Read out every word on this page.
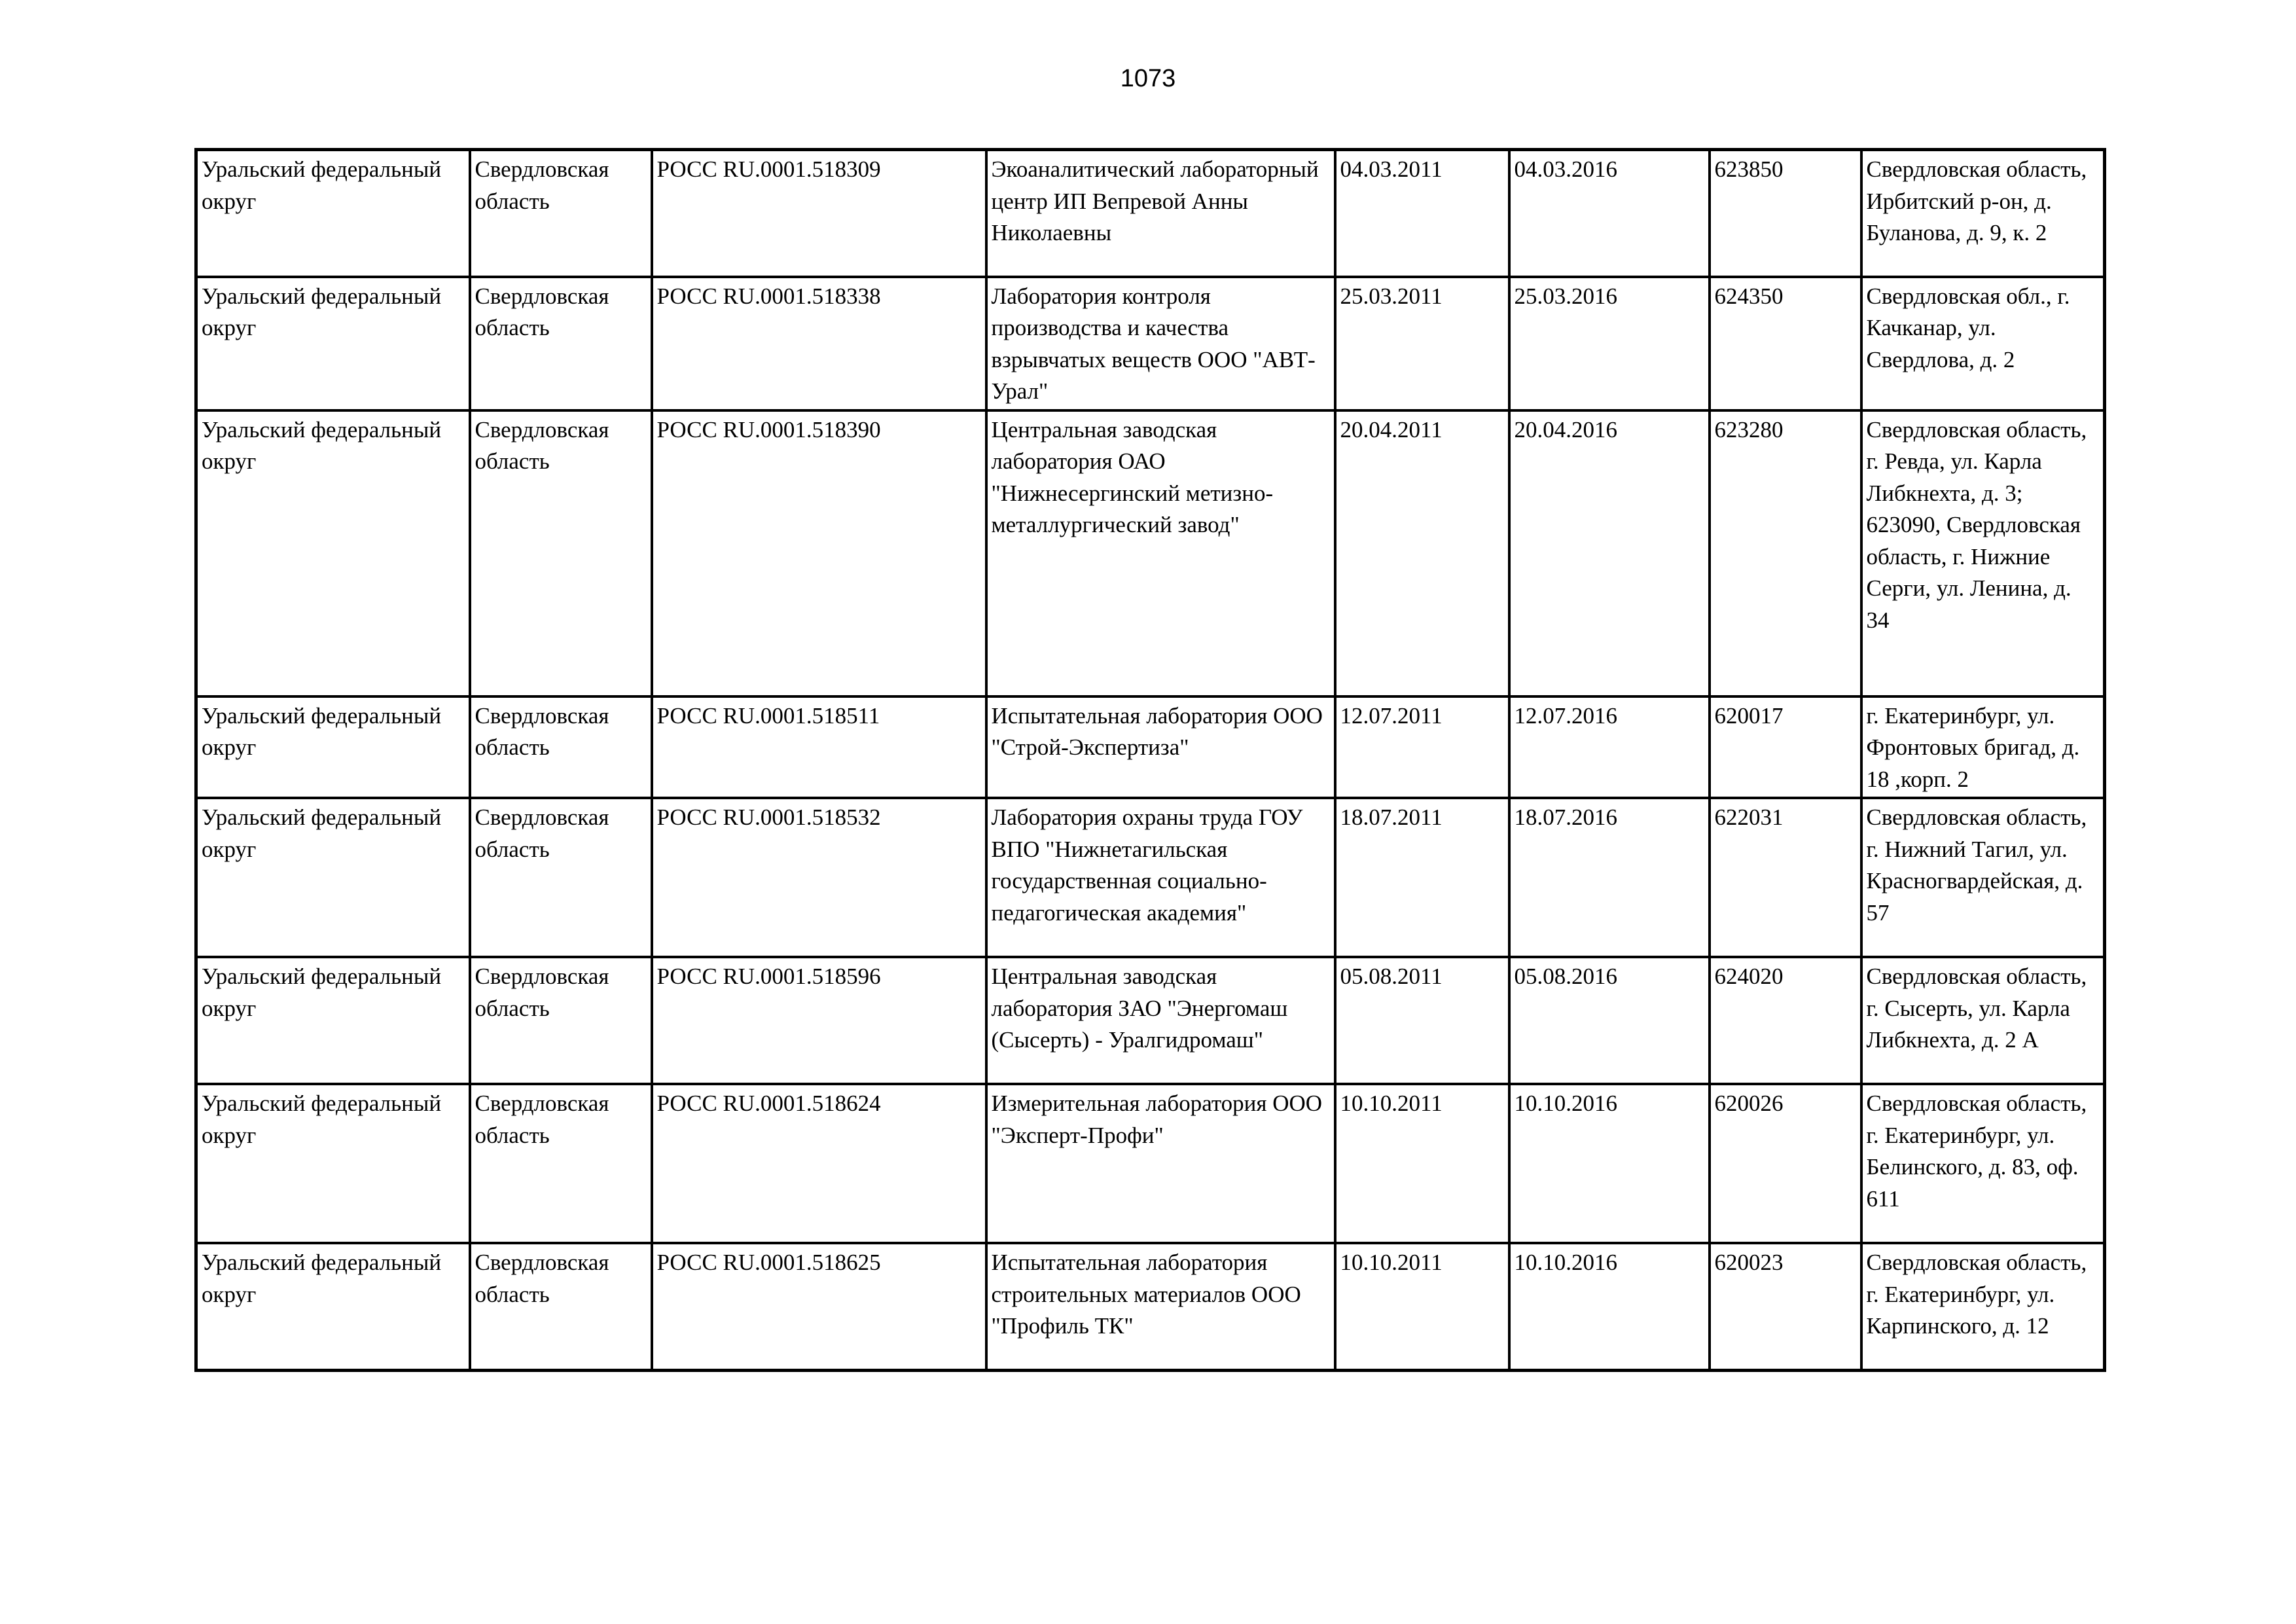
1073
Уральский федеральный округ	Свердловская область	РОСС RU.0001.518309	Экоаналитический лабораторный центр ИП Вепревой Анны Николаевны	04.03.2011	04.03.2016	623850	Свердловская область, Ирбитский р-он, д. Буланова, д. 9, к. 2
Уральский федеральный округ	Свердловская область	РОСС RU.0001.518338	Лаборатория контроля производства и качества взрывчатых веществ ООО "АВТ-Урал"	25.03.2011	25.03.2016	624350	Свердловская обл., г. Качканар, ул. Свердлова, д. 2
Уральский федеральный округ	Свердловская область	РОСС RU.0001.518390	Центральная заводская лаборатория ОАО "Нижнесергинский метизно-металлургический завод"	20.04.2011	20.04.2016	623280	Свердловская область, г. Ревда, ул. Карла Либкнехта, д. 3; 623090, Свердловская область, г. Нижние Серги, ул. Ленина, д. 34
Уральский федеральный округ	Свердловская область	РОСС RU.0001.518511	Испытательная лаборатория ООО "Строй-Экспертиза"	12.07.2011	12.07.2016	620017	г. Екатеринбург, ул. Фронтовых бригад, д. 18 ,корп. 2
Уральский федеральный округ	Свердловская область	РОСС RU.0001.518532	Лаборатория охраны труда ГОУ ВПО "Нижнетагильская государственная социально-педагогическая академия"	18.07.2011	18.07.2016	622031	Свердловская область, г. Нижний Тагил, ул. Красногвардейская, д. 57
Уральский федеральный округ	Свердловская область	РОСС RU.0001.518596	Центральная заводская лаборатория ЗАО "Энергомаш (Сысерть) - Уралгидромаш"	05.08.2011	05.08.2016	624020	Свердловская область, г. Сысерть, ул. Карла Либкнехта, д. 2 А
Уральский федеральный округ	Свердловская область	РОСС RU.0001.518624	Измерительная лаборатория ООО "Эксперт-Профи"	10.10.2011	10.10.2016	620026	Свердловская область, г. Екатеринбург, ул. Белинского, д. 83, оф. 611
Уральский федеральный округ	Свердловская область	РОСС RU.0001.518625	Испытательная лаборатория строительных материалов ООО "Профиль ТК"	10.10.2011	10.10.2016	620023	Свердловская область, г. Екатеринбург, ул. Карпинского, д. 12
